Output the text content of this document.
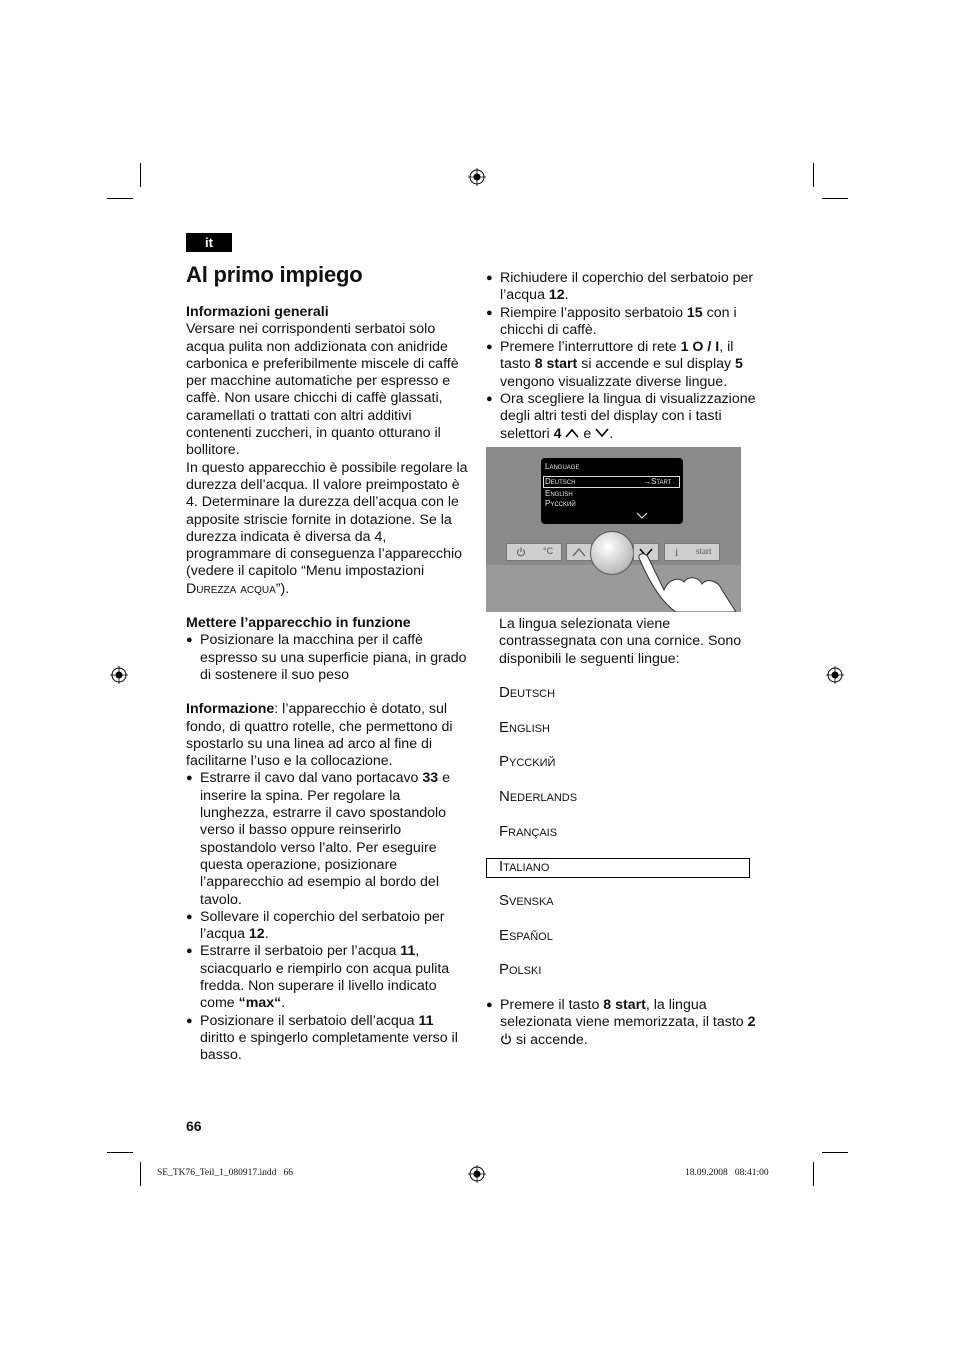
it
Al primo impiego

Informazioni generali

Versare nei corrispondenti serbatoi solo acqua pulita non addizionata con anidride carbonica e preferibilmente miscele di caffè per macchine automatiche per espresso e caffè. Non usare chicchi di caffè glassati, caramellati o trattati con altri additivi contenenti zuccheri, in quanto otturano il bollitore.

In questo apparecchio è possibile regolare la durezza dell’acqua. Il valore preimpostato è 4. Determinare la durezza dell’acqua con le apposite striscie fornite in dotazione. Se la durezza indicata è diversa da 4, programmare di conseguenza l’apparecchio (vedere il capitolo “Menu impostazioni Durezza acqua”).

Mettere l’apparecchio in funzione

● Posizionare la macchina per il caffè espresso su una superficie piana, in grado di sostenere il suo peso

Informazione: l’apparecchio è dotato, sul fondo, di quattro rotelle, che permettono di spostarlo su una linea ad arco al fine di facilitarne l’uso e la collocazione.

● Estrarre il cavo dal vano portacavo 33 e inserire la spina. Per regolare la lunghezza, estrarre il cavo spostandolo verso il basso oppure reinserirlo spostandolo verso l’alto. Per eseguire questa operazione, posizionare l’apparecchio ad esempio al bordo del tavolo.
● Sollevare il coperchio del serbatoio per l’acqua 12.
● Estrarre il serbatoio per l’acqua 11, sciacquarlo e riempirlo con acqua pulita fredda. Non superare il livello indicato come “max“.
● Posizionare il serbatoio dell’acqua 11 diritto e spingerlo completamente verso il basso.
● Richiudere il coperchio del serbatoio per l’acqua 12.
● Riempire l’apposito serbatoio 15 con i chicchi di caffè.
● Premere l’interruttore di rete 1 O / I, il tasto 8 start si accende e sul display 5 vengono visualizzate diverse lingue.
● Ora scegliere la lingua di visualizzazione degli altri testi del display con i tasti selettori 4  e .
Language
Deutsch	→Start
English
Pycckий
°C	i start

La lingua selezionata viene contrassegnata con una cornice. Sono disponibili le seguenti lingue:

Deutsch
English
Pycckий
Nederlands
Français
Italiano
Svenska
Español
Polski
● Premere il tasto 8 start, la lingua selezionata viene memorizzata, il tasto 2
si accende.
66
SE_TK76_Teil_1_080917.indd   66	18.09.2008   08:41:00
